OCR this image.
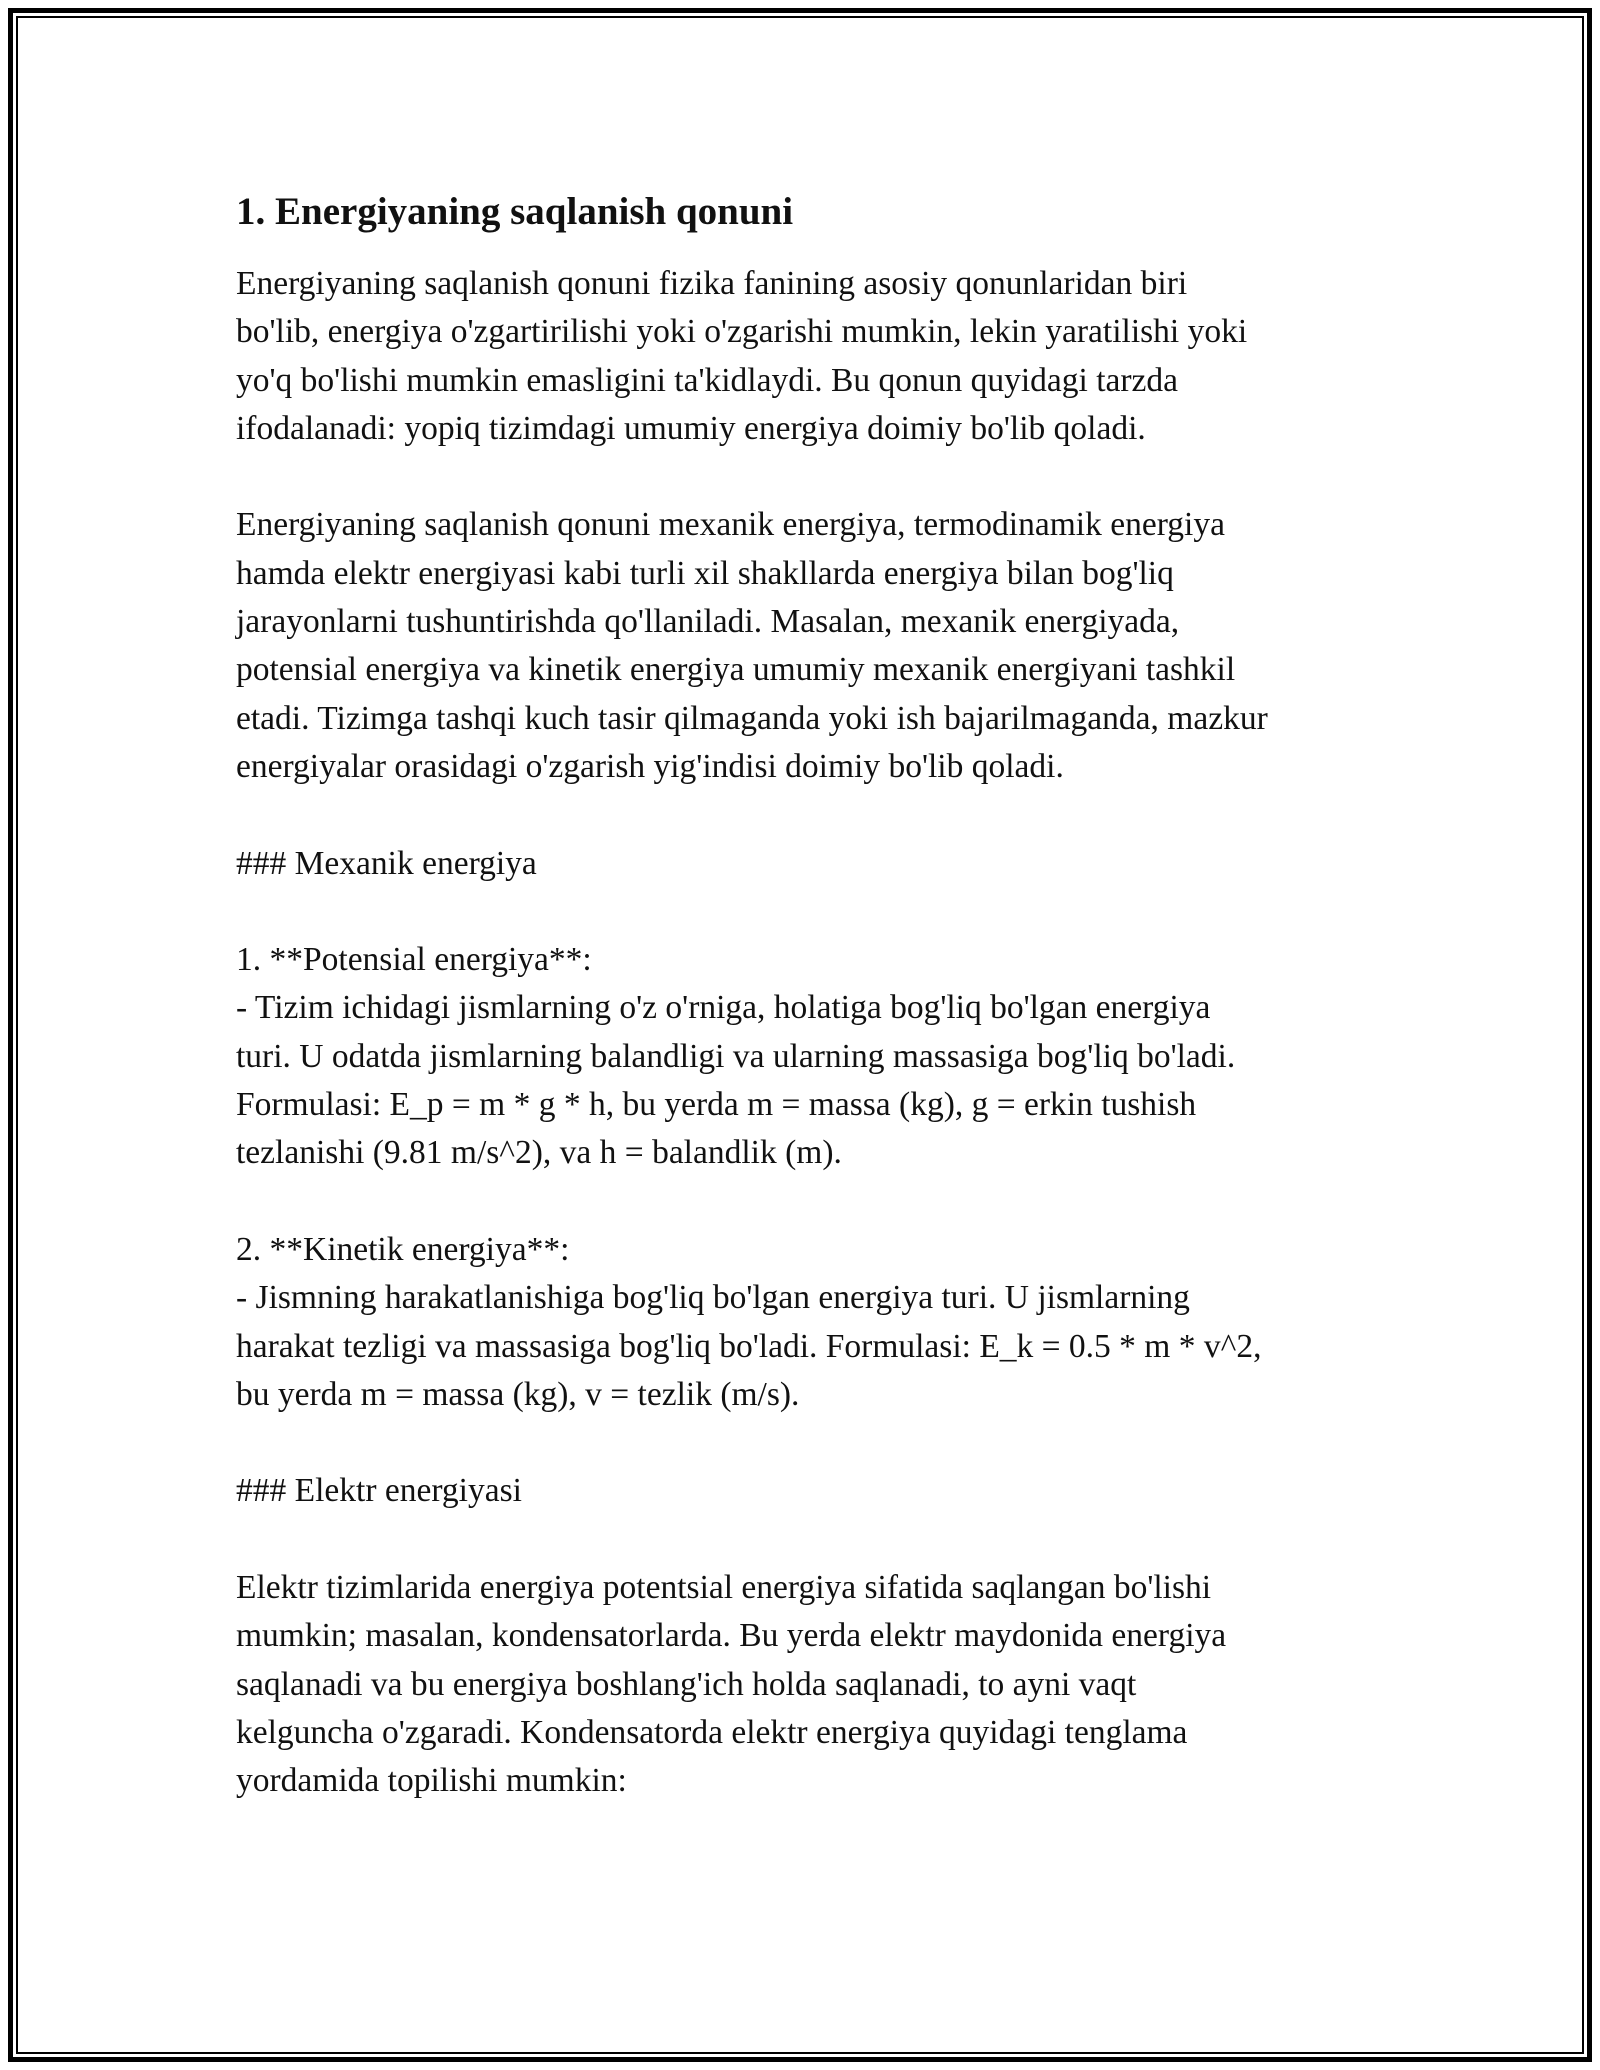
1. Energiyaning saqlanish qonuni

Energiyaning saqlanish qonuni fizika fanining asosiy qonunlaridan biri
bo'lib, energiya o'zgartirilishi yoki o'zgarishi mumkin, lekin yaratilishi yoki
yo'q bo'lishi mumkin emasligini ta'kidlaydi. Bu qonun quyidagi tarzda
ifodalanadi: yopiq tizimdagi umumiy energiya doimiy bo'lib qoladi.

Energiyaning saqlanish qonuni mexanik energiya, termodinamik energiya
hamda elektr energiyasi kabi turli xil shakllarda energiya bilan bog'liq
jarayonlarni tushuntirishda qo'llaniladi. Masalan, mexanik energiyada,
potensial energiya va kinetik energiya umumiy mexanik energiyani tashkil
etadi. Tizimga tashqi kuch tasir qilmaganda yoki ish bajarilmaganda, mazkur
energiyalar orasidagi o'zgarish yig'indisi doimiy bo'lib qoladi.

### Mexanik energiya

1. **Potensial energiya**:
- Tizim ichidagi jismlarning o'z o'rniga, holatiga bog'liq bo'lgan energiya
turi. U odatda jismlarning balandligi va ularning massasiga bog'liq bo'ladi.
Formulasi: E_p = m * g * h, bu yerda m = massa (kg), g = erkin tushish
tezlanishi (9.81 m/s^2), va h = balandlik (m).

2. **Kinetik energiya**:
- Jismning harakatlanishiga bog'liq bo'lgan energiya turi. U jismlarning
harakat tezligi va massasiga bog'liq bo'ladi. Formulasi: E_k = 0.5 * m * v^2,
bu yerda m = massa (kg), v = tezlik (m/s).

### Elektr energiyasi

Elektr tizimlarida energiya potentsial energiya sifatida saqlangan bo'lishi
mumkin; masalan, kondensatorlarda. Bu yerda elektr maydonida energiya
saqlanadi va bu energiya boshlang'ich holda saqlanadi, to ayni vaqt
kelguncha o'zgaradi. Kondensatorda elektr energiya quyidagi tenglama
yordamida topilishi mumkin:
